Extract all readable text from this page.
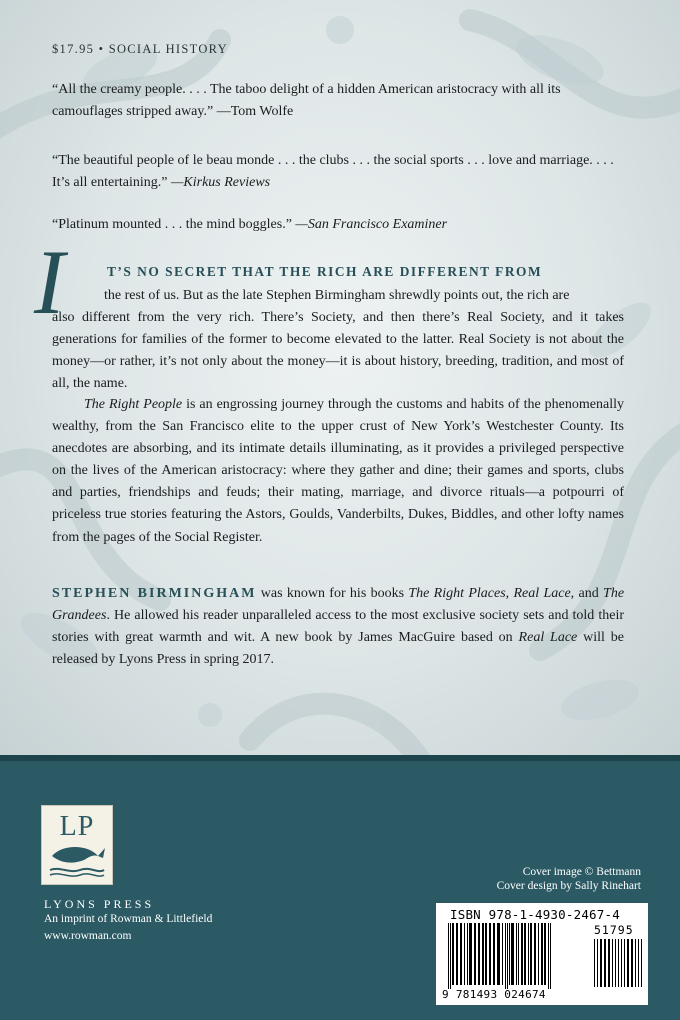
$17.95 • SOCIAL HISTORY
“All the creamy people. . . . The taboo delight of a hidden American aristocracy with all its camouflages stripped away.” —Tom Wolfe
“The beautiful people of le beau monde . . . the clubs . . . the social sports . . . love and marriage. . . . It’s all entertaining.” —Kirkus Reviews
“Platinum mounted . . . the mind boggles.” —San Francisco Examiner
I	T’S NO SECRET THAT THE RICH ARE DIFFERENT FROM
the rest of us. But as the late Stephen Birmingham shrewdly points out, the rich are
also different from the very rich. There’s Society, and then there’s Real Society, and it takes generations for families of the former to become elevated to the latter. Real Society is not about the money—or rather, it’s not only about the money—it is about history, breeding, tradition, and most of all, the name.
The Right People is an engrossing journey through the customs and habits of the phenomenally wealthy, from the San Francisco elite to the upper crust of New York’s Westchester County. Its anecdotes are absorbing, and its intimate details illuminating, as it provides a privileged perspective on the lives of the American aristocracy: where they gather and dine; their games and sports, clubs and parties, friendships and feuds; their mating, marriage, and divorce rituals—a potpourri of priceless true stories featuring the Astors, Goulds, Vanderbilts, Dukes, Biddles, and other lofty names from the pages of the Social Register.
STEPHEN BIRMINGHAM was known for his books The Right Places, Real Lace, and The Grandees. He allowed his reader unparalleled access to the most exclusive society sets and told their stories with great warmth and wit. A new book by James MacGuire based on Real Lace will be released by Lyons Press in spring 2017.
LP
LYONS PRESS
An imprint of Rowman & Littlefield
www.rowman.com
Cover image © Bettmann
Cover design by Sally Rinehart
ISBN 978-1-4930-2467-4
51795
9 781493 024674
